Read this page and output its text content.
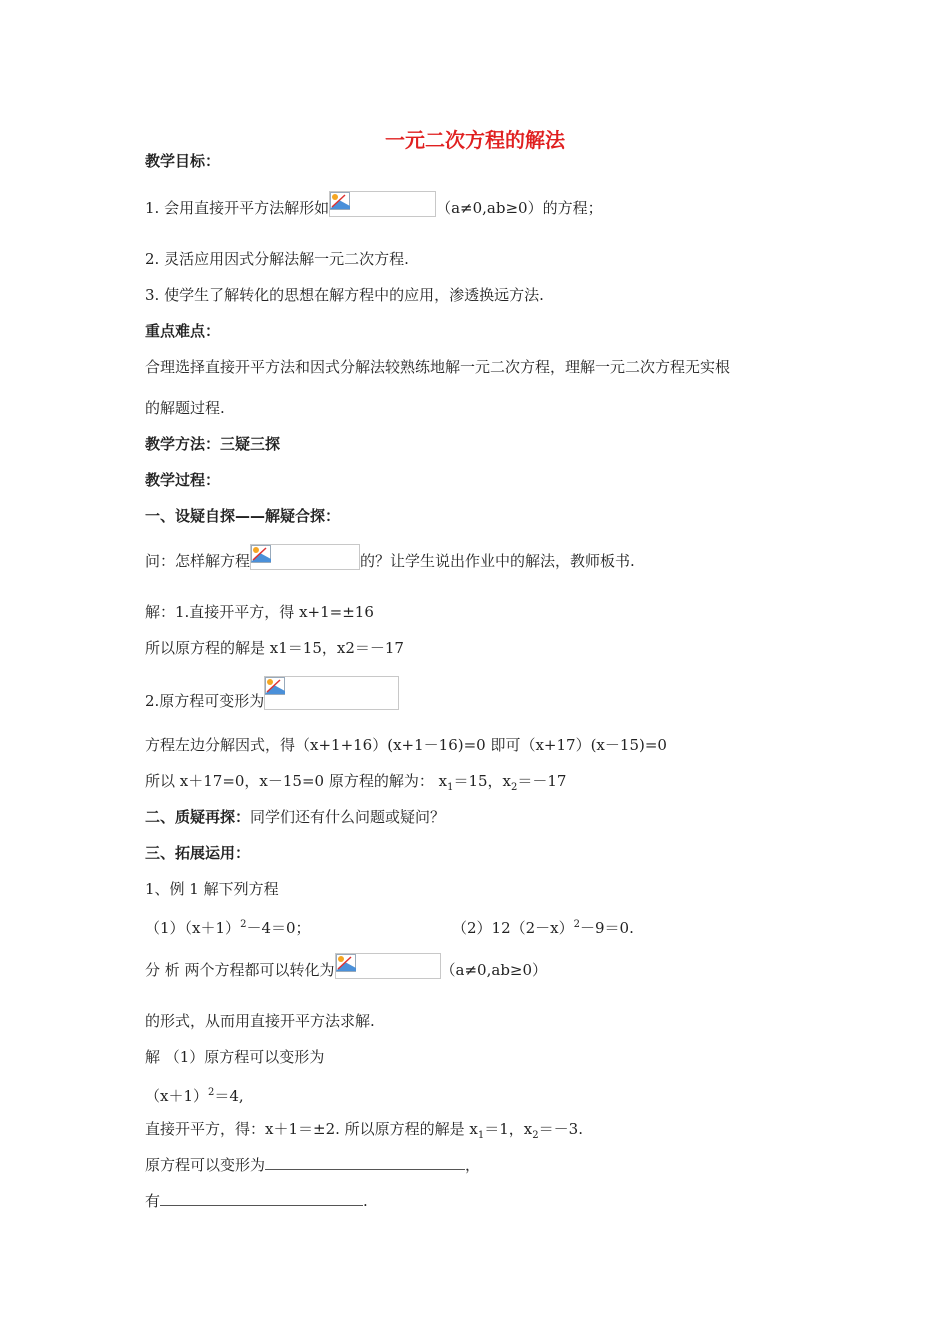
一元二次方程的解法
教学目标：
1. 会用直接开平方法解形如	（a≠0,ab≥0）的方程；
2. 灵活应用因式分解法解一元二次方程.
3. 使学生了解转化的思想在解方程中的应用，渗透换远方法.
重点难点：
合理选择直接开平方法和因式分解法较熟练地解一元二次方程，理解一元二次方程无实根
的解题过程.
教学方法：三疑三探
教学过程：
一、设疑自探——解疑合探：
问：怎样解方程	的？让学生说出作业中的解法，教师板书.
解：1.直接开平方，得 x+1=±16
所以原方程的解是 x1＝15，x2＝－17
2.原方程可变形为
方程左边分解因式，得（x+1+16）(x+1－16)=0 即可（x+17）(x－15)=0
所以 x＋17=0，x－15=0 原方程的解为： $x_1=15$，$x_2=-17$
二、质疑再探：同学们还有什么问题或疑问？
三、拓展运用：
1、例 1 解下列方程
$(1)(x+1)^2-4=0$；	$(2)12(2-x)^2-9=0$.
分 析 两个方程都可以转化为	（a≠0,ab≥0）
的形式，从而用直接开平方法求解.
解 （1）原方程可以变形为
$(x+1)^2=4$,
直接开平方，得：x＋1＝±2. 所以原方程的解是 $x_1=1$，$x_2=-3$.
原方程可以变形为	，
有	.
